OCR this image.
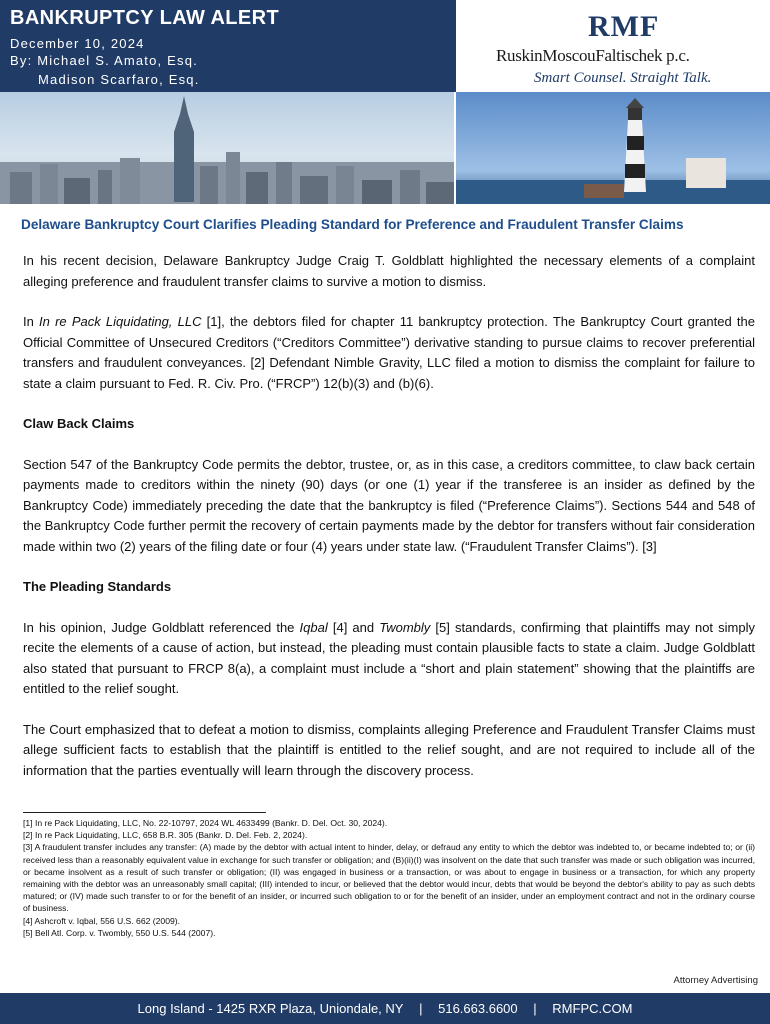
BANKRUPTCY LAW ALERT
December 10, 2024
By: Michael S. Amato, Esq.
Madison Scarfaro, Esq.
RMF
RuskinMoscouFaltischek p.c.
Smart Counsel. Straight Talk.
Delaware Bankruptcy Court Clarifies Pleading Standard for Preference and Fraudulent Transfer Claims

In his recent decision, Delaware Bankruptcy Judge Craig T. Goldblatt highlighted the necessary elements of a complaint alleging preference and fraudulent transfer claims to survive a motion to dismiss.

In In re Pack Liquidating, LLC [1], the debtors filed for chapter 11 bankruptcy protection. The Bankruptcy Court granted the Official Committee of Unsecured Creditors (“Creditors Committee”) derivative standing to pursue claims to recover preferential transfers and fraudulent conveyances. [2] Defendant Nimble Gravity, LLC filed a motion to dismiss the complaint for failure to state a claim pursuant to Fed. R. Civ. Pro. (“FRCP”) 12(b)(3) and (b)(6).

Claw Back Claims

Section 547 of the Bankruptcy Code permits the debtor, trustee, or, as in this case, a creditors committee, to claw back certain payments made to creditors within the ninety (90) days (or one (1) year if the transferee is an insider as defined by the Bankruptcy Code) immediately preceding the date that the bankruptcy is filed (“Preference Claims”). Sections 544 and 548 of the Bankruptcy Code further permit the recovery of certain payments made by the debtor for transfers without fair consideration made within two (2) years of the filing date or four (4) years under state law. (“Fraudulent Transfer Claims”). [3]

The Pleading Standards

In his opinion, Judge Goldblatt referenced the Iqbal [4] and Twombly [5] standards, confirming that plaintiffs may not simply recite the elements of a cause of action, but instead, the pleading must contain plausible facts to state a claim. Judge Goldblatt also stated that pursuant to FRCP 8(a), a complaint must include a “short and plain statement” showing that the plaintiffs are entitled to the relief sought.

The Court emphasized that to defeat a motion to dismiss, complaints alleging Preference and Fraudulent Transfer Claims must allege sufficient facts to establish that the plaintiff is entitled to the relief sought, and are not required to include all of the information that the parties eventually will learn through the discovery process.

[1] In re Pack Liquidating, LLC, No. 22-10797, 2024 WL 4633499 (Bankr. D. Del. Oct. 30, 2024).
[2] In re Pack Liquidating, LLC, 658 B.R. 305 (Bankr. D. Del. Feb. 2, 2024).
[3] A fraudulent transfer includes any transfer: (A) made by the debtor with actual intent to hinder, delay, or defraud any entity to which the debtor was indebted to, or became indebted to; or (ii) received less than a reasonably equivalent value in exchange for such transfer or obligation; and (B)(ii)(I) was insolvent on the date that such transfer was made or such obligation was incurred, or became insolvent as a result of such transfer or obligation; (II) was engaged in business or a transaction, or was about to engage in business or a transaction, for which any property remaining with the debtor was an unreasonably small capital; (III) intended to incur, or believed that the debtor would incur, debts that would be beyond the debtor's ability to pay as such debts matured; or (IV) made such transfer to or for the benefit of an insider, or incurred such obligation to or for the benefit of an insider, under an employment contract and not in the ordinary course of business.
[4] Ashcroft v. Iqbal, 556 U.S. 662 (2009).
[5] Bell Atl. Corp. v. Twombly, 550 U.S. 544 (2007).
Attorney Advertising
Long Island - 1425 RXR Plaza, Uniondale, NY | 516.663.6600 | RMFPC.COM
